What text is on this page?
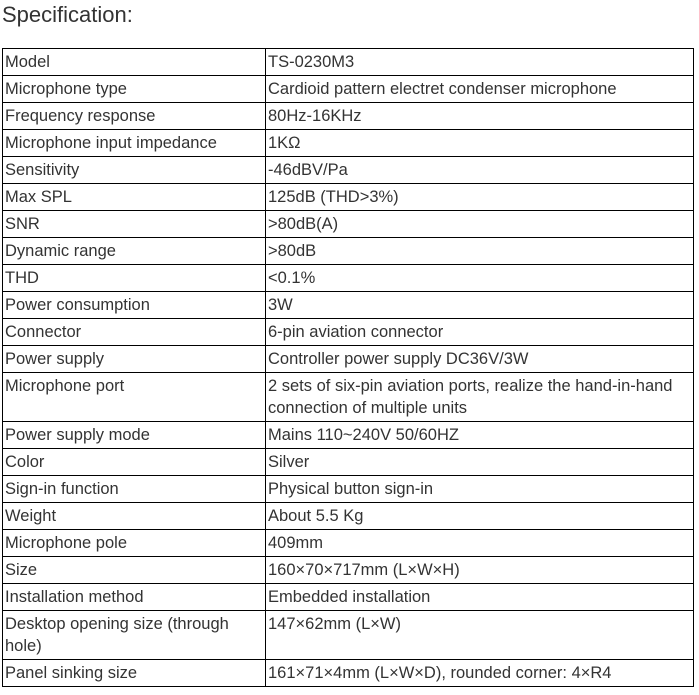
Specification:
Model	TS-0230M3
Microphone type	Cardioid pattern electret condenser microphone
Frequency response	80Hz-16KHz
Microphone input impedance	1KΩ
Sensitivity	-46dBV/Pa
Max SPL	125dB (THD>3%)
SNR	>80dB(A)
Dynamic range	>80dB
THD	<0.1%
Power consumption	3W
Connector	6-pin aviation connector
Power supply	Controller power supply DC36V/3W
Microphone port	2 sets of six-pin aviation ports, realize the hand-in-hand connection of multiple units
Power supply mode	Mains 110~240V 50/60HZ
Color	Silver
Sign-in function	Physical button sign-in
Weight	About 5.5 Kg
Microphone pole	409mm
Size	160×70×717mm (L×W×H)
Installation method	Embedded installation
Desktop opening size (through hole)	147×62mm (L×W)
Panel sinking size	161×71×4mm (L×W×D), rounded corner: 4×R4
